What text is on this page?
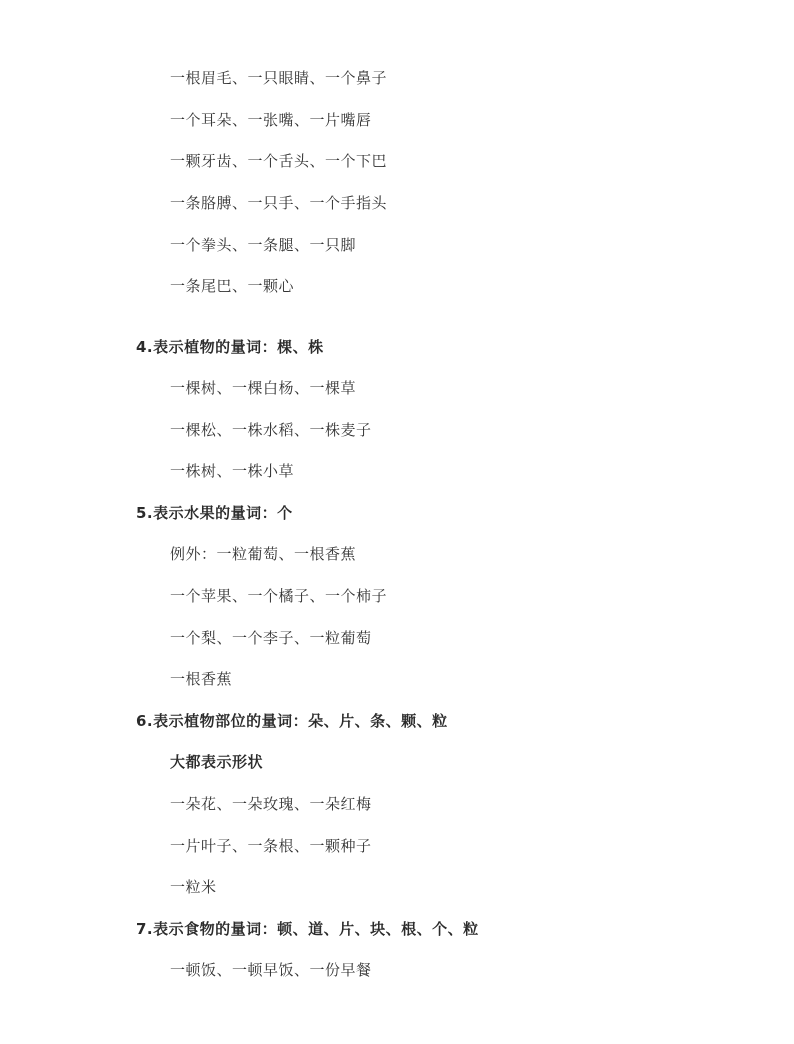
一根眉毛、一只眼睛、一个鼻子
一个耳朵、一张嘴、一片嘴唇
一颗牙齿、一个舌头、一个下巴
一条胳膊、一只手、一个手指头
一个拳头、一条腿、一只脚
一条尾巴、一颗心
4.表示植物的量词：棵、株
一棵树、一棵白杨、一棵草
一棵松、一株水稻、一株麦子
一株树、一株小草
5.表示水果的量词：个
例外：一粒葡萄、一根香蕉
一个苹果、一个橘子、一个柿子
一个梨、一个李子、一粒葡萄
一根香蕉
6.表示植物部位的量词：朵、片、条、颗、粒
大都表示形状
一朵花、一朵玫瑰、一朵红梅
一片叶子、一条根、一颗种子
一粒米
7.表示食物的量词：顿、道、片、块、根、个、粒
一顿饭、一顿早饭、一份早餐
